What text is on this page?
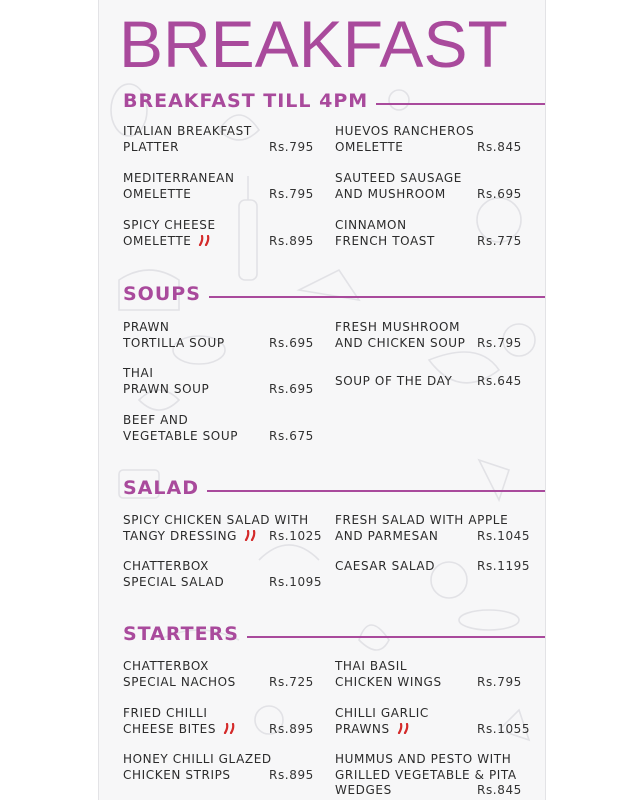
BREAKFAST
BREAKFAST TILL 4PM
ITALIAN BREAKFAST
PLATTER	Rs.795
HUEVOS RANCHEROS
OMELETTE	Rs.845
MEDITERRANEAN
OMELETTE	Rs.795
SAUTEED SAUSAGE
AND MUSHROOM	Rs.695
SPICY CHEESE
OMELETTE	Rs.895
CINNAMON
FRENCH TOAST	Rs.775
SOUPS
PRAWN
TORTILLA SOUP	Rs.695
FRESH MUSHROOM
AND CHICKEN SOUP Rs.795
THAI
PRAWN SOUP	Rs.695
SOUP OF THE DAY	Rs.645
BEEF AND
VEGETABLE SOUP	Rs.675
SALAD
SPICY CHICKEN SALAD WITH
TANGY DRESSING	Rs.1025
FRESH SALAD WITH APPLE
AND PARMESAN	Rs.1045
CHATTERBOX
SPECIAL SALAD	Rs.1095
CAESAR SALAD	Rs.1195
STARTERS
CHATTERBOX
SPECIAL NACHOS	Rs.725
THAI BASIL
CHICKEN WINGS	Rs.795
FRIED CHILLI
CHEESE BITES	Rs.895
CHILLI GARLIC
PRAWNS	Rs.1055
HONEY CHILLI GLAZED
CHICKEN STRIPS	Rs.895
HUMMUS AND PESTO WITH
GRILLED VEGETABLE & PITA
WEDGES	Rs.845
